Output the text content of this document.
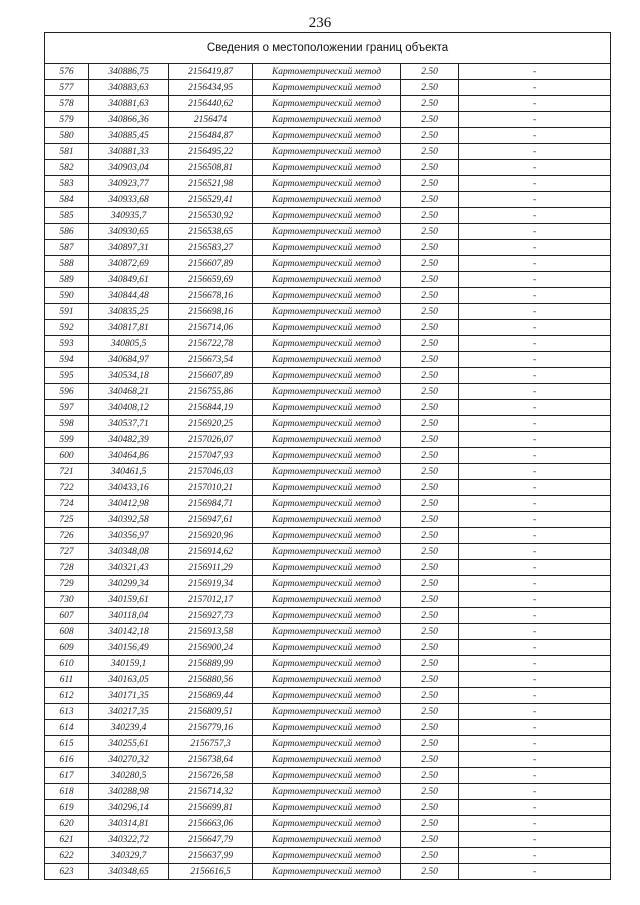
236
Сведения о местоположении границ объекта					
576	340886,75	2156419,87	Картометрический метод	2.50	-
577	340883,63	2156434,95	Картометрический метод	2.50	-
578	340881,63	2156440,62	Картометрический метод	2.50	-
579	340866,36	2156474	Картометрический метод	2.50	-
580	340885,45	2156484,87	Картометрический метод	2.50	-
581	340881,33	2156495,22	Картометрический метод	2.50	-
582	340903,04	2156508,81	Картометрический метод	2.50	-
583	340923,77	2156521,98	Картометрический метод	2.50	-
584	340933,68	2156529,41	Картометрический метод	2.50	-
585	340935,7	2156530,92	Картометрический метод	2.50	-
586	340930,65	2156538,65	Картометрический метод	2.50	-
587	340897,31	2156583,27	Картометрический метод	2.50	-
588	340872,69	2156607,89	Картометрический метод	2.50	-
589	340849,61	2156659,69	Картометрический метод	2.50	-
590	340844,48	2156678,16	Картометрический метод	2.50	-
591	340835,25	2156698,16	Картометрический метод	2.50	-
592	340817,81	2156714,06	Картометрический метод	2.50	-
593	340805,5	2156722,78	Картометрический метод	2.50	-
594	340684,97	2156673,54	Картометрический метод	2.50	-
595	340534,18	2156607,89	Картометрический метод	2.50	-
596	340468,21	2156755,86	Картометрический метод	2.50	-
597	340408,12	2156844,19	Картометрический метод	2.50	-
598	340537,71	2156920,25	Картометрический метод	2.50	-
599	340482,39	2157026,07	Картометрический метод	2.50	-
600	340464,86	2157047,93	Картометрический метод	2.50	-
721	340461,5	2157046,03	Картометрический метод	2.50	-
722	340433,16	2157010,21	Картометрический метод	2.50	-
724	340412,98	2156984,71	Картометрический метод	2.50	-
725	340392,58	2156947,61	Картометрический метод	2.50	-
726	340356,97	2156920,96	Картометрический метод	2.50	-
727	340348,08	2156914,62	Картометрический метод	2.50	-
728	340321,43	2156911,29	Картометрический метод	2.50	-
729	340299,34	2156919,34	Картометрический метод	2.50	-
730	340159,61	2157012,17	Картометрический метод	2.50	-
607	340118,04	2156927,73	Картометрический метод	2.50	-
608	340142,18	2156913,58	Картометрический метод	2.50	-
609	340156,49	2156900,24	Картометрический метод	2.50	-
610	340159,1	2156889,99	Картометрический метод	2.50	-
611	340163,05	2156880,56	Картометрический метод	2.50	-
612	340171,35	2156869,44	Картометрический метод	2.50	-
613	340217,35	2156809,51	Картометрический метод	2.50	-
614	340239,4	2156779,16	Картометрический метод	2.50	-
615	340255,61	2156757,3	Картометрический метод	2.50	-
616	340270,32	2156738,64	Картометрический метод	2.50	-
617	340280,5	2156726,58	Картометрический метод	2.50	-
618	340288,98	2156714,32	Картометрический метод	2.50	-
619	340296,14	2156699,81	Картометрический метод	2.50	-
620	340314,81	2156663,06	Картометрический метод	2.50	-
621	340322,72	2156647,79	Картометрический метод	2.50	-
622	340329,7	2156637,99	Картометрический метод	2.50	-
623	340348,65	2156616,5	Картометрический метод	2.50	-
